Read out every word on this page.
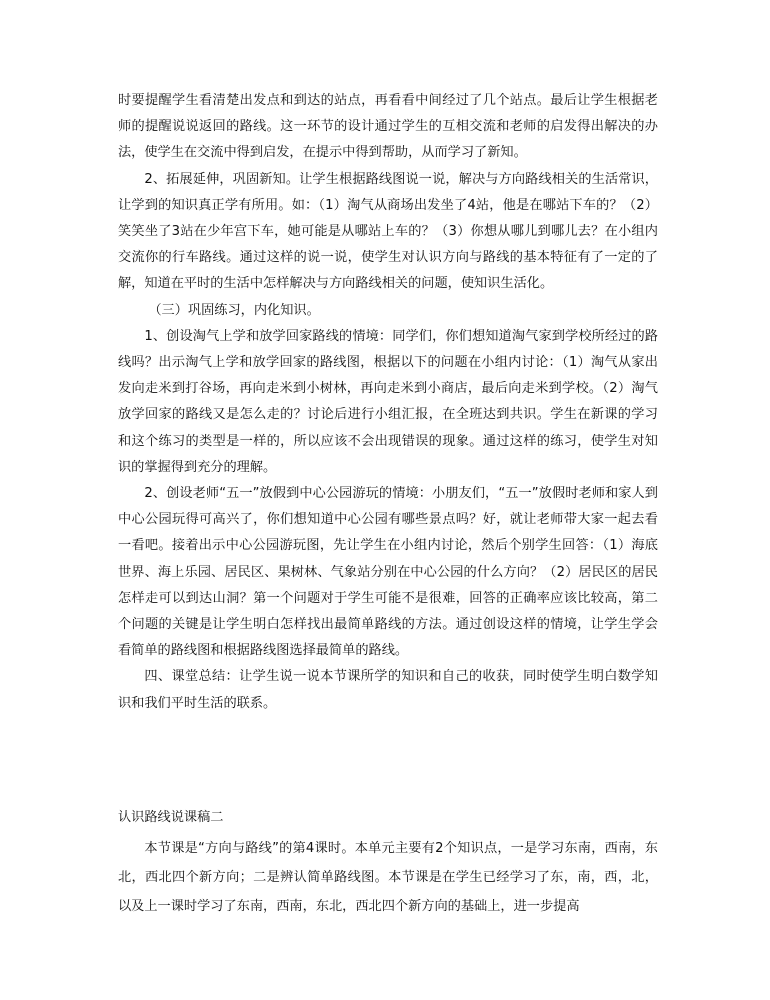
时要提醒学生看清楚出发点和到达的站点，再看看中间经过了几个站点。最后让学生根据老师的提醒说说返回的路线。这一环节的设计通过学生的互相交流和老师的启发得出解决的办法，使学生在交流中得到启发，在提示中得到帮助，从而学习了新知。

2、拓展延伸，巩固新知。让学生根据路线图说一说，解决与方向路线相关的生活常识，让学到的知识真正学有所用。如：（1）淘气从商场出发坐了4站，他是在哪站下车的？（2）笑笑坐了3站在少年宫下车，她可能是从哪站上车的？（3）你想从哪儿到哪儿去？在小组内交流你的行车路线。通过这样的说一说，使学生对认识方向与路线的基本特征有了一定的了解，知道在平时的生活中怎样解决与方向路线相关的问题，使知识生活化。

（三）巩固练习，内化知识。

1、创设淘气上学和放学回家路线的情境：同学们，你们想知道淘气家到学校所经过的路线吗？出示淘气上学和放学回家的路线图，根据以下的问题在小组内讨论：（1）淘气从家出发向走米到打谷场，再向走米到小树林，再向走米到小商店，最后向走米到学校。（2）淘气放学回家的路线又是怎么走的？讨论后进行小组汇报，在全班达到共识。学生在新课的学习和这个练习的类型是一样的，所以应该不会出现错误的现象。通过这样的练习，使学生对知识的掌握得到充分的理解。

2、创设老师“五一”放假到中心公园游玩的情境：小朋友们，“五一”放假时老师和家人到中心公园玩得可高兴了，你们想知道中心公园有哪些景点吗？好，就让老师带大家一起去看一看吧。接着出示中心公园游玩图，先让学生在小组内讨论，然后个别学生回答：（1）海底世界、海上乐园、居民区、果树林、气象站分别在中心公园的什么方向？（2）居民区的居民怎样走可以到达山洞？第一个问题对于学生可能不是很难，回答的正确率应该比较高，第二个问题的关键是让学生明白怎样找出最简单路线的方法。通过创设这样的情境，让学生学会看简单的路线图和根据路线图选择最简单的路线。

四、课堂总结：让学生说一说本节课所学的知识和自己的收获，同时使学生明白数学知识和我们平时生活的联系。

认识路线说课稿二

本节课是“方向与路线”的第4课时。本单元主要有2个知识点，一是学习东南，西南，东北，西北四个新方向；二是辨认简单路线图。本节课是在学生已经学习了东，南，西，北，以及上一课时学习了东南，西南，东北，西北四个新方向的基础上，进一步提高
